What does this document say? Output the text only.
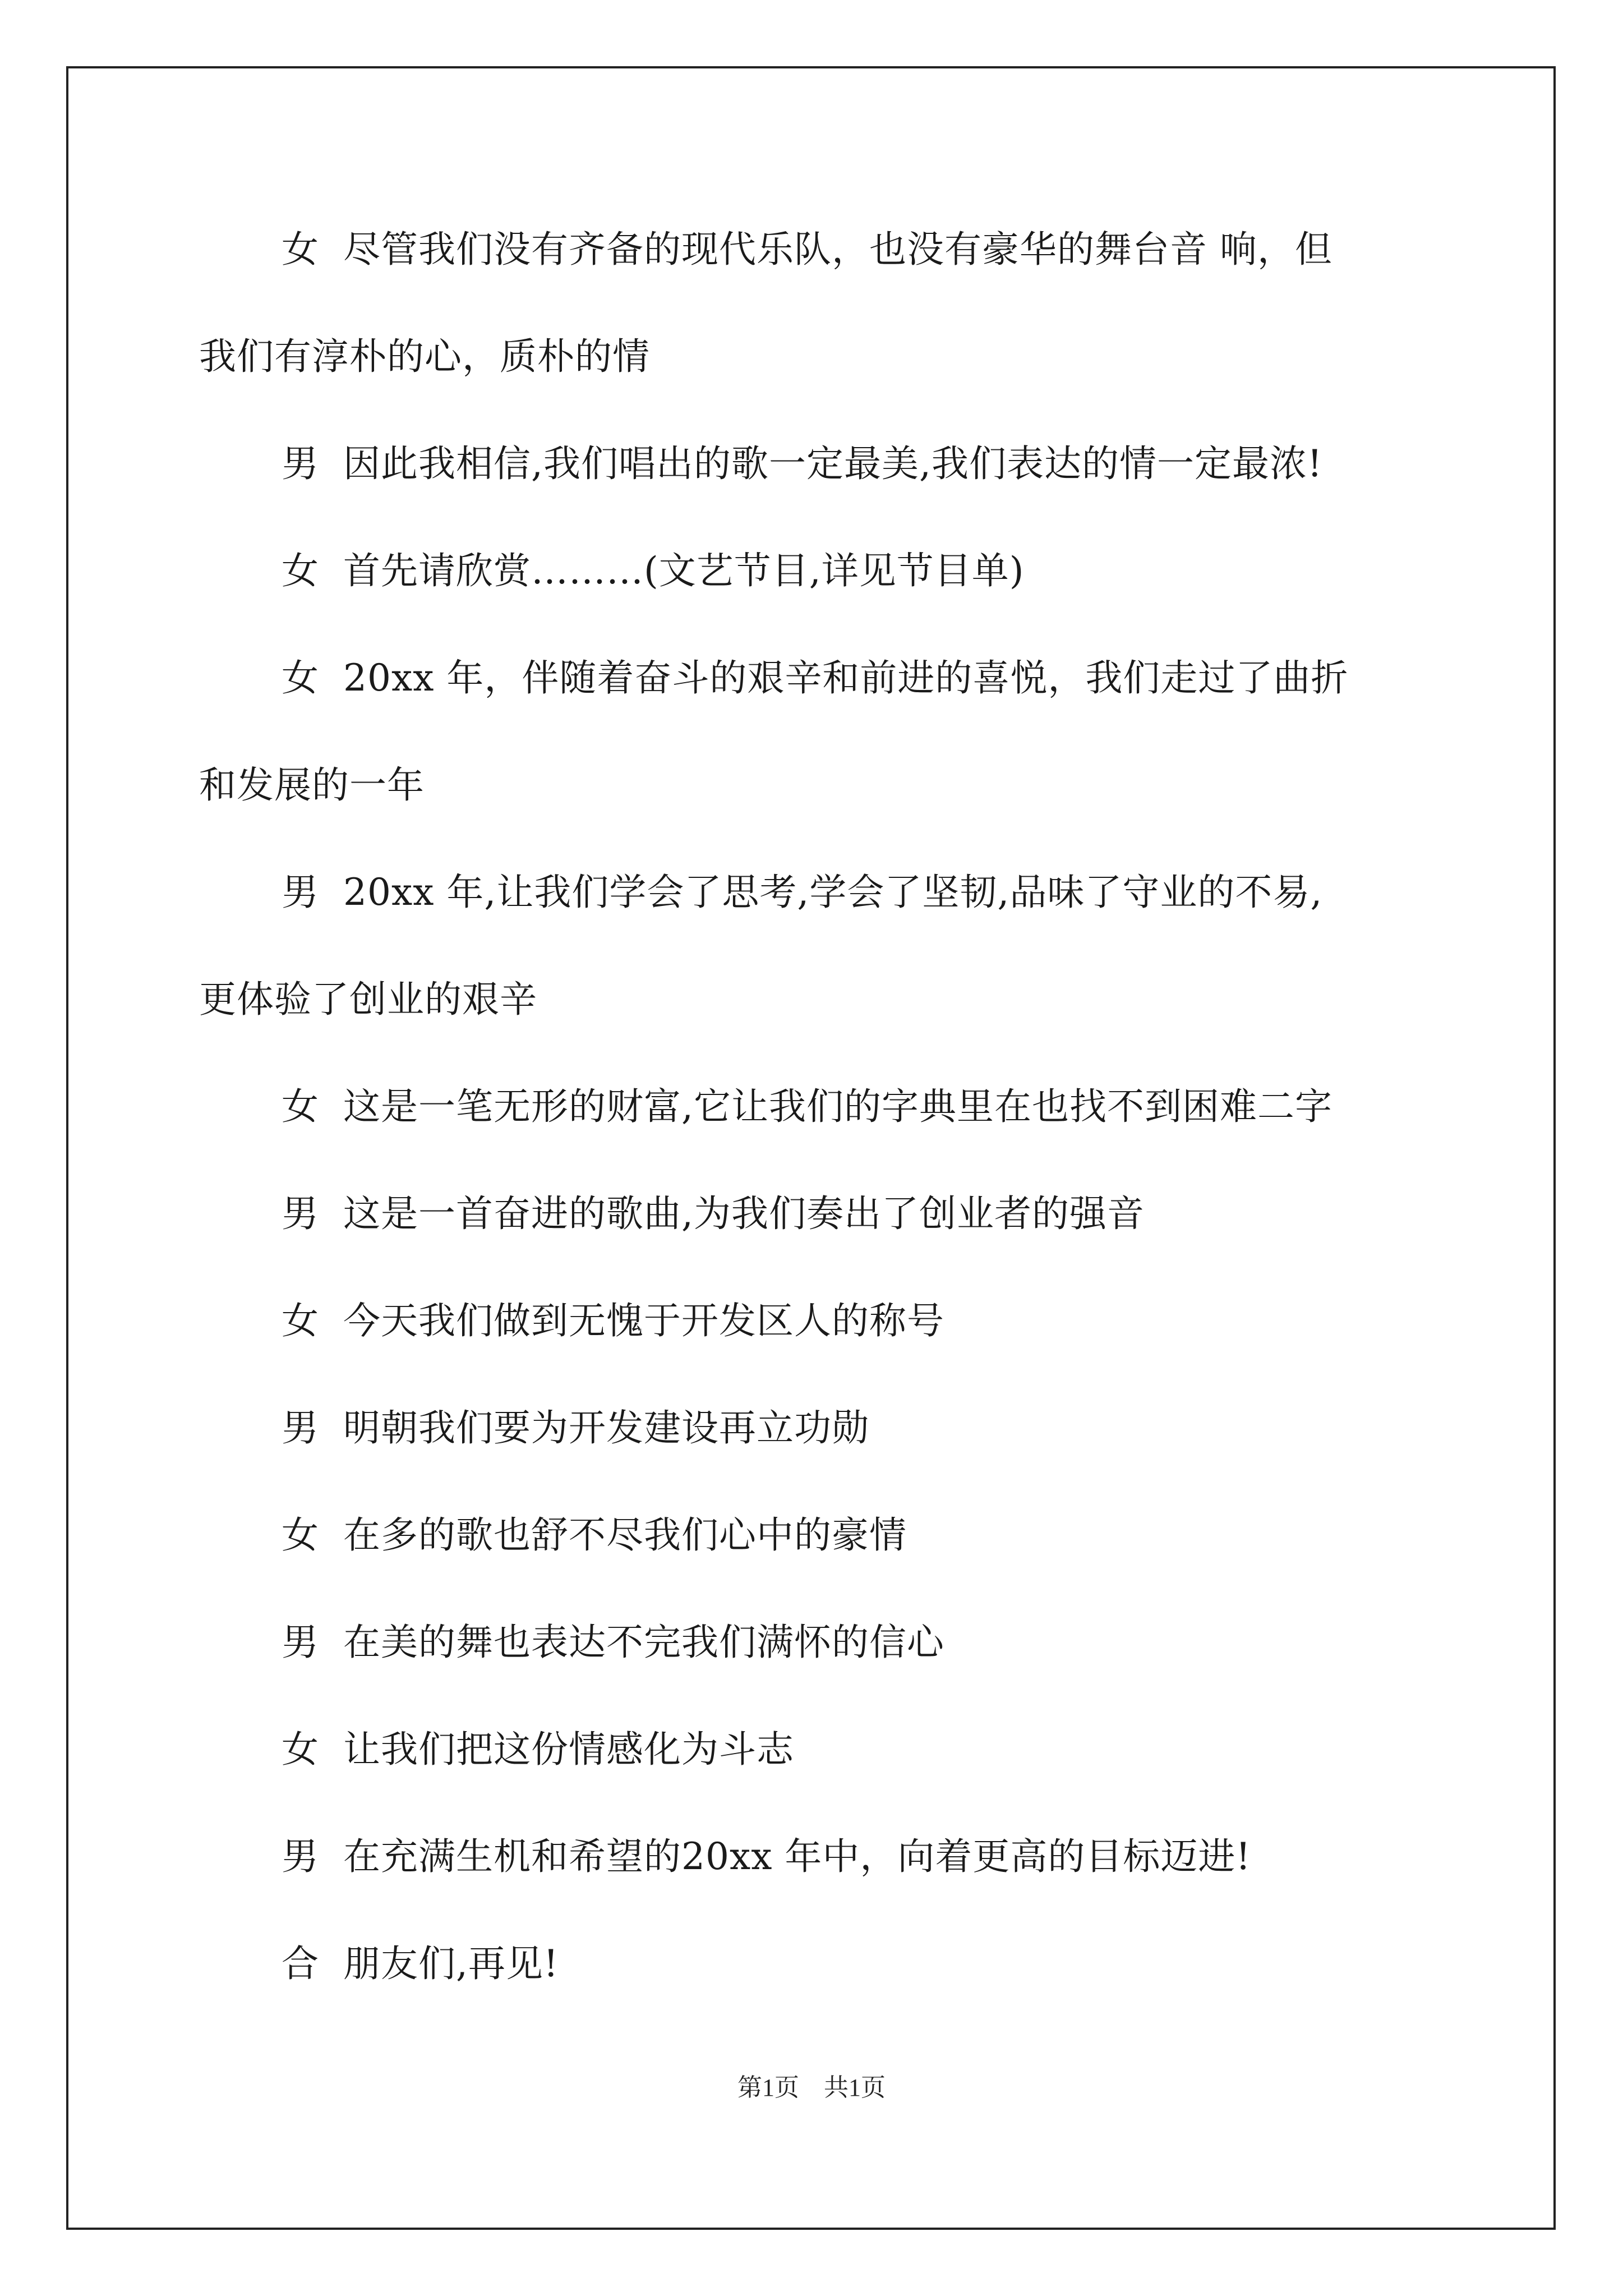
女 尽管我们没有齐备的现代乐队，也没有豪华的舞台音 响，但
我们有淳朴的心，质朴的情
男 因此我相信,我们唱出的歌一定最美,我们表达的情一定最浓!
女 首先请欣赏………(文艺节目,详见节目单)
女 20xx 年，伴随着奋斗的艰辛和前进的喜悦，我们走过了曲折
和发展的一年
男 20xx 年,让我们学会了思考,学会了坚韧,品味了守业的不易,
更体验了创业的艰辛
女 这是一笔无形的财富,它让我们的字典里在也找不到困难二字
男 这是一首奋进的歌曲,为我们奏出了创业者的强音
女 今天我们做到无愧于开发区人的称号
男 明朝我们要为开发建设再立功勋
女 在多的歌也舒不尽我们心中的豪情
男 在美的舞也表达不完我们满怀的信心
女 让我们把这份情感化为斗志
男 在充满生机和希望的20xx 年中，向着更高的目标迈进!
合 朋友们,再见!
第1页 共1页
